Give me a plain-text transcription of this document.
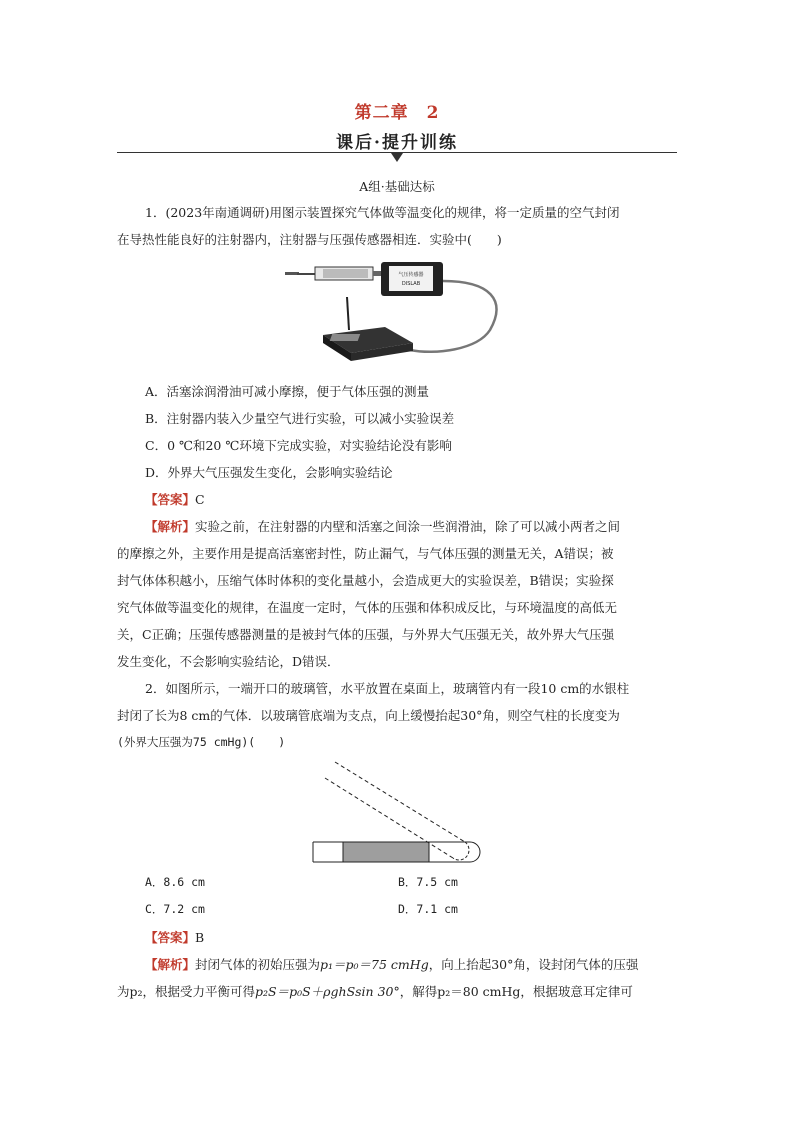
第二章　2
课后·提升训练
A组·基础达标
1．(2023年南通调研)用图示装置探究气体做等温变化的规律，将一定质量的空气封闭
在导热性能良好的注射器内，注射器与压强传感器相连．实验中(　　)
气压传感器
DISLAB
A．活塞涂润滑油可减小摩擦，便于气体压强的测量
B．注射器内装入少量空气进行实验，可以减小实验误差
C．0 ℃和20 ℃环境下完成实验，对实验结论没有影响
D．外界大气压强发生变化，会影响实验结论
【答案】C
【解析】实验之前，在注射器的内壁和活塞之间涂一些润滑油，除了可以减小两者之间
的摩擦之外，主要作用是提高活塞密封性，防止漏气，与气体压强的测量无关，A错误；被
封气体体积越小，压缩气体时体积的变化量越小，会造成更大的实验误差，B错误；实验探
究气体做等温变化的规律，在温度一定时，气体的压强和体积成反比，与环境温度的高低无
关，C正确；压强传感器测量的是被封气体的压强，与外界大气压强无关，故外界大气压强
发生变化，不会影响实验结论，D错误．
2．如图所示，一端开口的玻璃管，水平放置在桌面上，玻璃管内有一段10 cm的水银柱
封闭了长为8 cm的气体．以玻璃管底端为支点，向上缓慢抬起30°角，则空气柱的长度变为
(外界大压强为75 cmHg)(　　)
A．8.6 cm	B．7.5 cm
C．7.2 cm	D．7.1 cm
【答案】B
【解析】封闭气体的初始压强为p₁＝p₀＝75 cmHg，向上抬起30°角，设封闭气体的压强
为p₂，根据受力平衡可得p₂S＝p₀S＋ρghSsin 30°，解得p₂＝80 cmHg，根据玻意耳定律可
